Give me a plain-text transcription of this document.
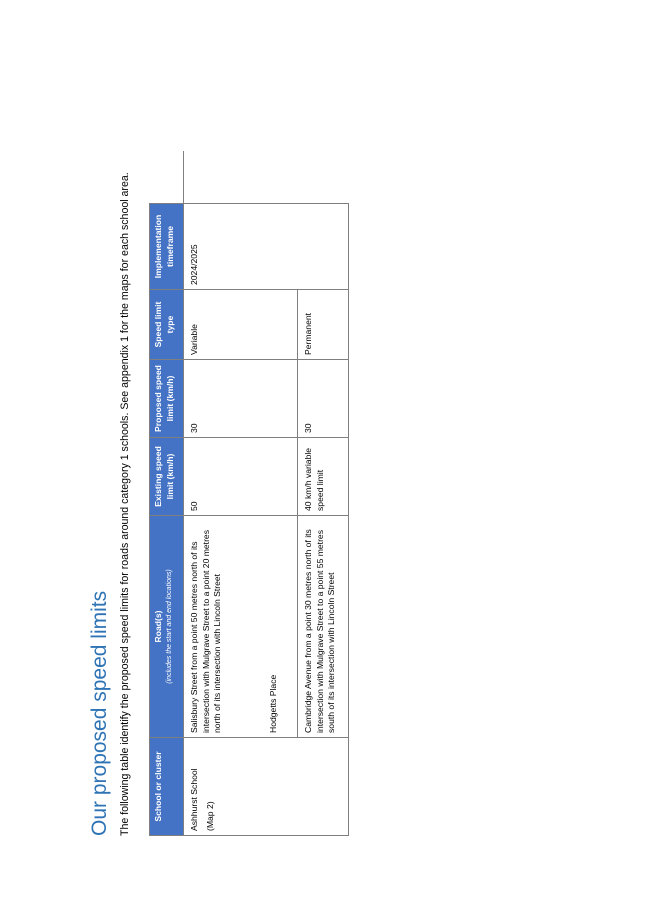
Our proposed speed limits The following table identify the proposed speed limits for roads around category 1 schools. See appendix 1 for the maps for each school area.	School or cluster	Road(s) (includes the start and end locations)	Existing speed limit (km/h)	Proposed speed limit (km/h)	Speed limit type	Implementation timeframe	

Ashhurst School (Map 2)	Salisbury Street from a point 50 metres north of its intersection with Mulgrave Street to a point 20 metres north of its intersection with Lincoln Street Hodgetts Place	50	30	Variable	2024/2025	
	Cambridge Avenue from a point 30 metres north of its intersection with Mulgrave Street to a point 55 metres south of its intersection with Lincoln Street	40 km/h variable speed limit	30	Permanent		
